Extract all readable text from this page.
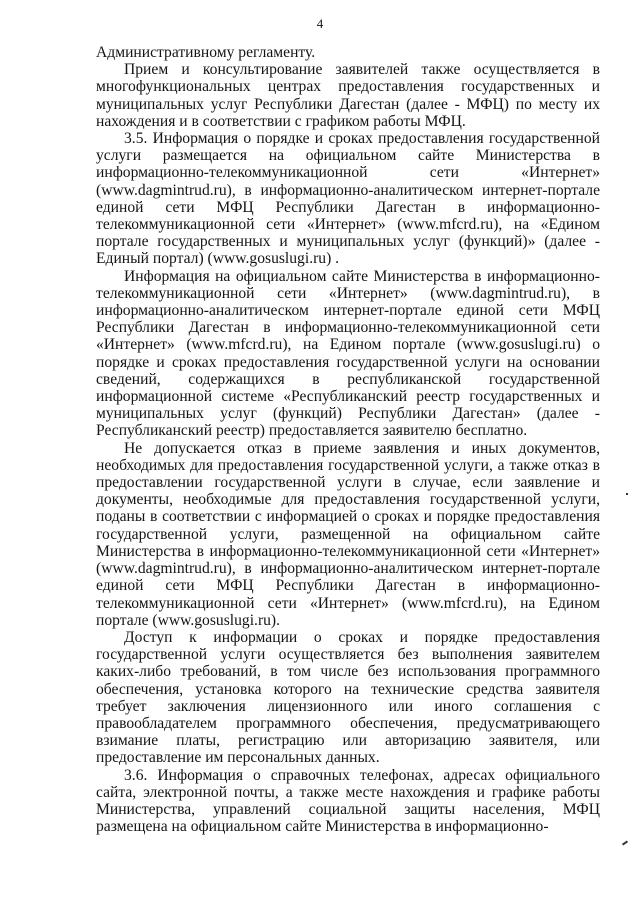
4

Административному регламенту.

Прием и консультирование заявителей также осуществляется в многофункциональных центрах предоставления государственных и муниципальных услуг Республики Дагестан (далее - МФЦ) по месту их нахождения и в соответствии с графиком работы МФЦ.

3.5. Информация о порядке и сроках предоставления государственной услуги размещается на официальном сайте Министерства в информационно-телекоммуникационной сети «Интернет» (www.dagmintrud.ru), в информационно-аналитическом интернет-портале единой сети МФЦ Республики Дагестан в информационно-телекоммуникационной сети «Интернет» (www.mfcrd.ru), на «Едином портале государственных и муниципальных услуг (функций)» (далее - Единый портал) (www.gosuslugi.ru) .

Информация на официальном сайте Министерства в информационно-телекоммуникационной сети «Интернет» (www.dagmintrud.ru), в информационно-аналитическом интернет-портале единой сети МФЦ Республики Дагестан в информационно-телекоммуникационной сети «Интернет» (www.mfcrd.ru), на Едином портале (www.gosuslugi.ru) о порядке и сроках предоставления государственной услуги на основании сведений, содержащихся в республиканской государственной информационной системе «Республиканский реестр государственных и муниципальных услуг (функций) Республики Дагестан» (далее - Республиканский реестр) предоставляется заявителю бесплатно.

Не допускается отказ в приеме заявления и иных документов, необходимых для предоставления государственной услуги, а также отказ в предоставлении государственной услуги в случае, если заявление и документы, необходимые для предоставления государственной услуги, поданы в соответствии с информацией о сроках и порядке предоставления государственной услуги, размещенной на официальном сайте Министерства в информационно-телекоммуникационной сети «Интернет» (www.dagmintrud.ru), в информационно-аналитическом интернет-портале единой сети МФЦ Республики Дагестан в информационно-телекоммуникационной сети «Интернет» (www.mfcrd.ru), на Едином портале (www.gosuslugi.ru).

Доступ к информации о сроках и порядке предоставления государственной услуги осуществляется без выполнения заявителем каких-либо требований, в том числе без использования программного обеспечения, установка которого на технические средства заявителя требует заключения лицензионного или иного соглашения с правообладателем программного обеспечения, предусматривающего взимание платы, регистрацию или авторизацию заявителя, или предоставление им персональных данных.

3.6. Информация о справочных телефонах, адресах официального сайта, электронной почты, а также месте нахождения и графике работы Министерства, управлений социальной защиты населения, МФЦ размещена на официальном сайте Министерства в информационно-
